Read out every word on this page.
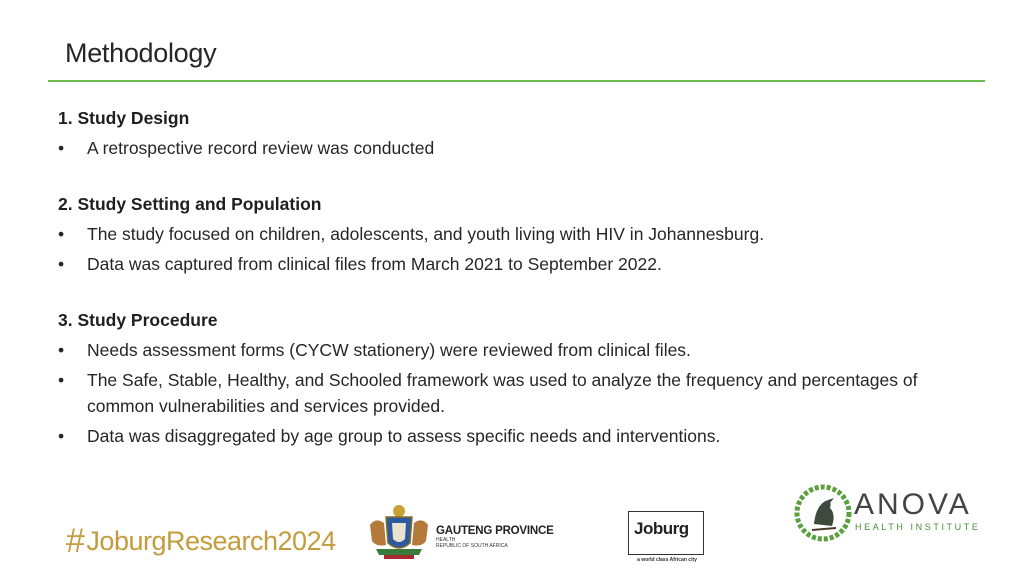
Methodology
1. Study Design
•	A retrospective record review was conducted
2. Study Setting and Population
•	The study focused on children, adolescents, and youth living with HIV in Johannesburg.
•	Data was captured from clinical files from March 2021 to September 2022.
3. Study Procedure
•	Needs assessment forms (CYCW stationery) were reviewed from clinical files.
•	The Safe, Stable, Healthy, and Schooled framework was used to analyze the frequency and percentages of common vulnerabilities and services provided.
•	Data was disaggregated by age group to assess specific needs and interventions.
#JoburgResearch2024	GAUTENG PROVINCE
HEALTH
REPUBLIC OF SOUTH AFRICA
Joburg
a world class African city
ANOVA
HEALTH INSTITUTE
